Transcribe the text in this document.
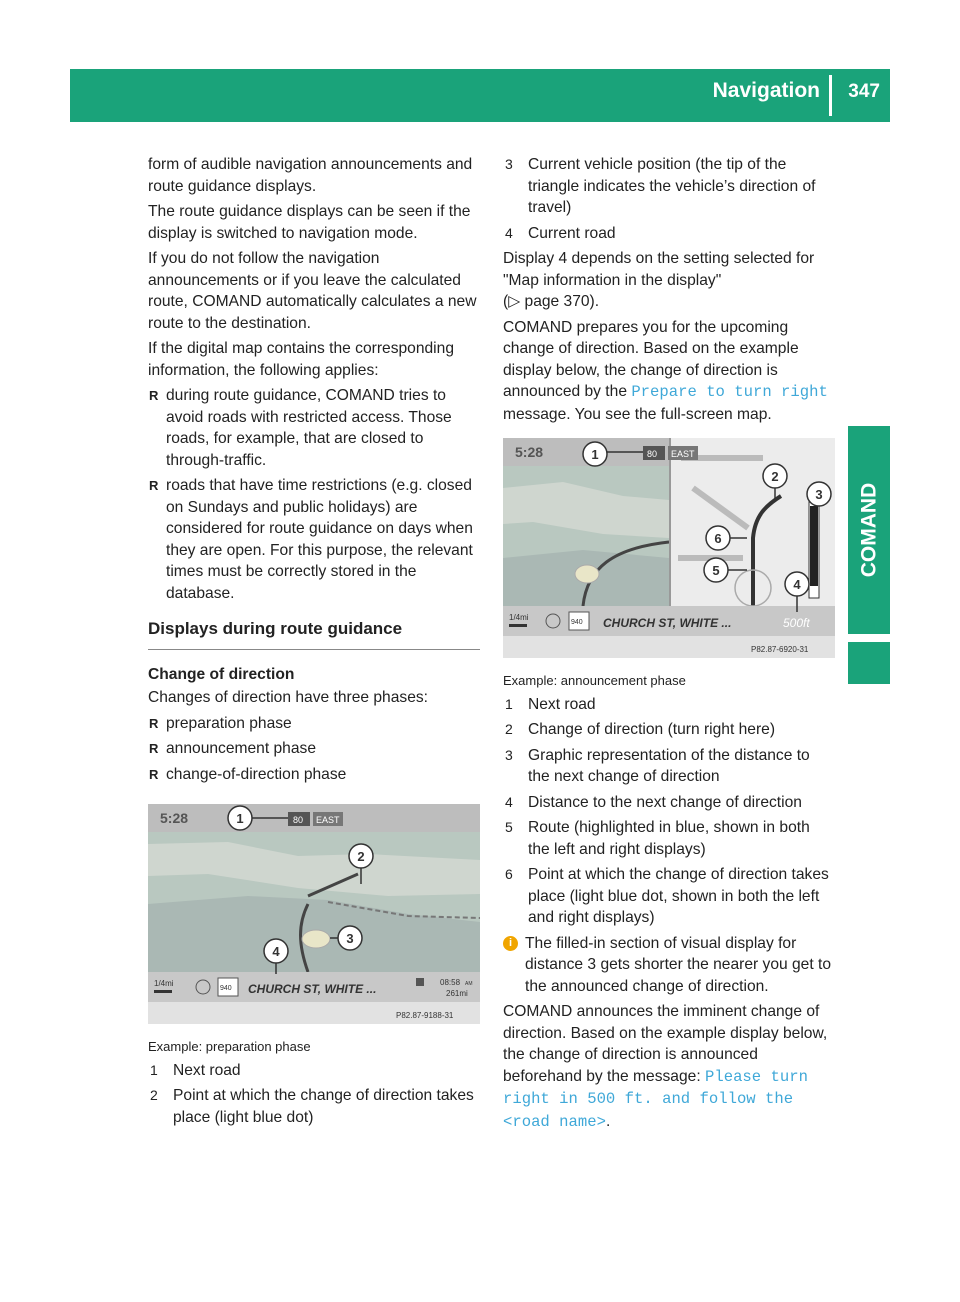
Navigation 347
COMAND

form of audible navigation announcements and route guidance displays.

The route guidance displays can be seen if the display is switched to navigation mode.

If you do not follow the navigation announcements or if you leave the calculated route, COMAND automatically calculates a new route to the destination.

If the digital map contains the corresponding information, the following applies:

R during route guidance, COMAND tries to avoid roads with restricted access. Those roads, for example, that are closed to through-traffic.

R roads that have time restrictions (e.g. closed on Sundays and public holidays) are considered for route guidance on days when they are open. For this purpose, the relevant times must be correctly stored in the database.

Displays during route guidance
Change of direction

Changes of direction have three phases:

R preparation phase

R announcement phase

R change-of-direction phase

5:28	80 EAST
1/4mi
940 CHURCH ST, WHITE ...	08:58 AM
261mi
P82.87-9188-31
1
2
3
4
Example: preparation phase

1 Next road

2 Point at which the change of direction takes place (light blue dot)

3 Current vehicle position (the tip of the triangle indicates the vehicle’s direction of travel)

4 Current road

Display 4 depends on the setting selected for "Map information in the display"
(▷ page 370).

COMAND prepares you for the upcoming change of direction. Based on the example display below, the change of direction is announced by the Prepare to turn right message. You see the full-screen map.

5:28	80 EAST
1/4mi
940 CHURCH ST, WHITE ...	500ft
P82.87-6920-31
1
2
3
4
5
6
Example: announcement phase

1 Next road

2 Change of direction (turn right here)

3 Graphic representation of the distance to the next change of direction

4 Distance to the next change of direction

5 Route (highlighted in blue, shown in both the left and right displays)

6 Point at which the change of direction takes place (light blue dot, shown in both the left and right displays)

i The filled-in section of visual display for distance 3 gets shorter the nearer you get to the announced change of direction.

COMAND announces the imminent change of direction. Based on the example display below, the change of direction is announced beforehand by the message: Please turn right in 500 ft. and follow the <road name>.
